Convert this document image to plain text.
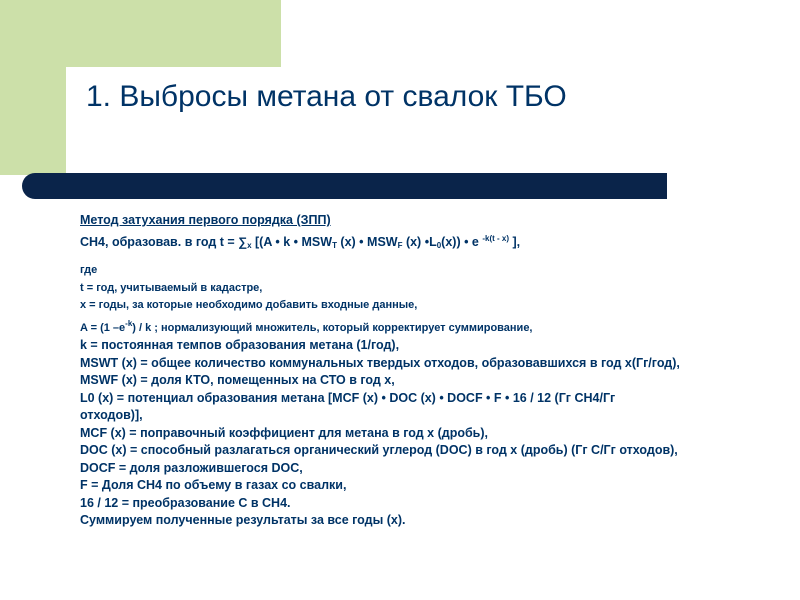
1. Выбросы метана от свалок ТБО

Метод затухания первого порядка (ЗПП)

CH4, образовав. в год $t = \sum_x$ [(A • k • $MSW_T$ (x) • $MSW_F$ (x) $•L_0(x)$) • e $^{-k(t - x)}$ ],

где

t = год, учитываемый в кадастре,

x = годы, за которые необходимо добавить входные данные,

A = (1 $-e^{-k}$) / k ; нормализующий множитель, который корректирует суммирование,

k = постоянная темпов образования метана (1/год),

MSWT (x) = общее количество коммунальных твердых отходов, образовавшихся в год x(Гг/год),

MSWF (x) = доля КТО, помещенных на СТО в год x,

L0 (x) = потенциал образования метана [MCF (x) • DOC (x) • DOCF • F • 16 / 12 (Гг CH4/Гг

отходов)],

MCF (x) = поправочный коэффициент для метана в год x (дробь),

DOC (x) = способный разлагаться органический углерод (DOC) в год x (дробь) (Гг C/Гг отходов),

DOCF = доля разложившегося DOC,

F = Доля CH4 по объему в газах со свалки,

16 / 12 = преобразование C в CH4.

Суммируем полученные результаты за все годы (x).
